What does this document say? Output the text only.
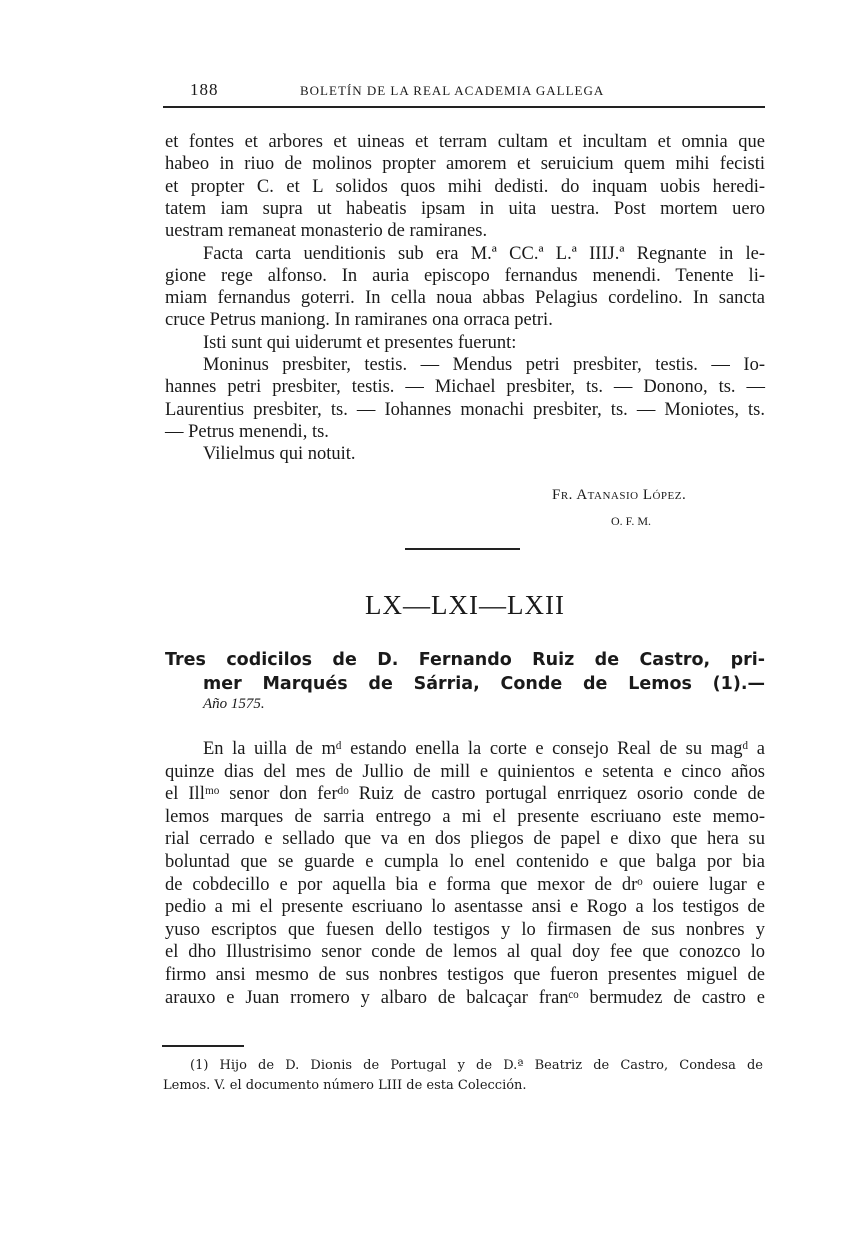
188	BOLETÍN DE LA REAL ACADEMIA GALLEGA
et fontes et arbores et uineas et terram cultam et incultam et omnia que
habeo in riuo de molinos propter amorem et seruicium quem mihi fecisti
et propter C. et L solidos quos mihi dedisti. do inquam uobis heredi-
tatem iam supra ut habeatis ipsam in uita uestra. Post mortem uero
uestram remaneat monasterio de ramiranes.
Facta carta uenditionis sub era M.ª CC.ª L.ª IIIJ.ª Regnante in le-
gione rege alfonso. In auria episcopo fernandus menendi. Tenente li-
miam fernandus goterri. In cella noua abbas Pelagius cordelino. In sancta
cruce Petrus maniong. In ramiranes ona orraca petri.
Isti sunt qui uiderumt et presentes fuerunt:
Moninus presbiter, testis. — Mendus petri presbiter, testis. — Io-
hannes petri presbiter, testis. — Michael presbiter, ts. — Donono, ts. —
Laurentius presbiter, ts. — Iohannes monachi presbiter, ts. — Moniotes, ts.
— Petrus menendi, ts.
Vilielmus qui notuit.
Fr. Atanasio López.
O. F. M.
LX—LXI—LXII
Tres codicilos de D. Fernando Ruiz de Castro, pri-
mer Marqués de Sárria, Conde de Lemos (1).—
Año 1575.
En la uilla de mᵈ estando enella la corte e consejo Real de su magᵈ a
quinze dias del mes de Jullio de mill e quinientos e setenta e cinco años
el Illᵐᵒ senor don ferᵈᵒ Ruiz de castro portugal enrriquez osorio conde de
lemos marques de sarria entrego a mi el presente escriuano este memo-
rial cerrado e sellado que va en dos pliegos de papel e dixo que hera su
boluntad que se guarde e cumpla lo enel contenido e que balga por bia
de cobdecillo e por aquella bia e forma que mexor de drᵒ ouiere lugar e
pedio a mi el presente escriuano lo asentasse ansi e Rogo a los testigos de
yuso escriptos que fuesen dello testigos y lo firmasen de sus nonbres y
el dho Illustrisimo senor conde de lemos al qual doy fee que conozco lo
firmo ansi mesmo de sus nonbres testigos que fueron presentes miguel de
arauxo e Juan rromero y albaro de balcaçar franᶜᵒ bermudez de castro e
(1) Hijo de D. Dionis de Portugal y de D.ª Beatriz de Castro, Condesa de
Lemos. V. el documento número LIII de esta Colección.
